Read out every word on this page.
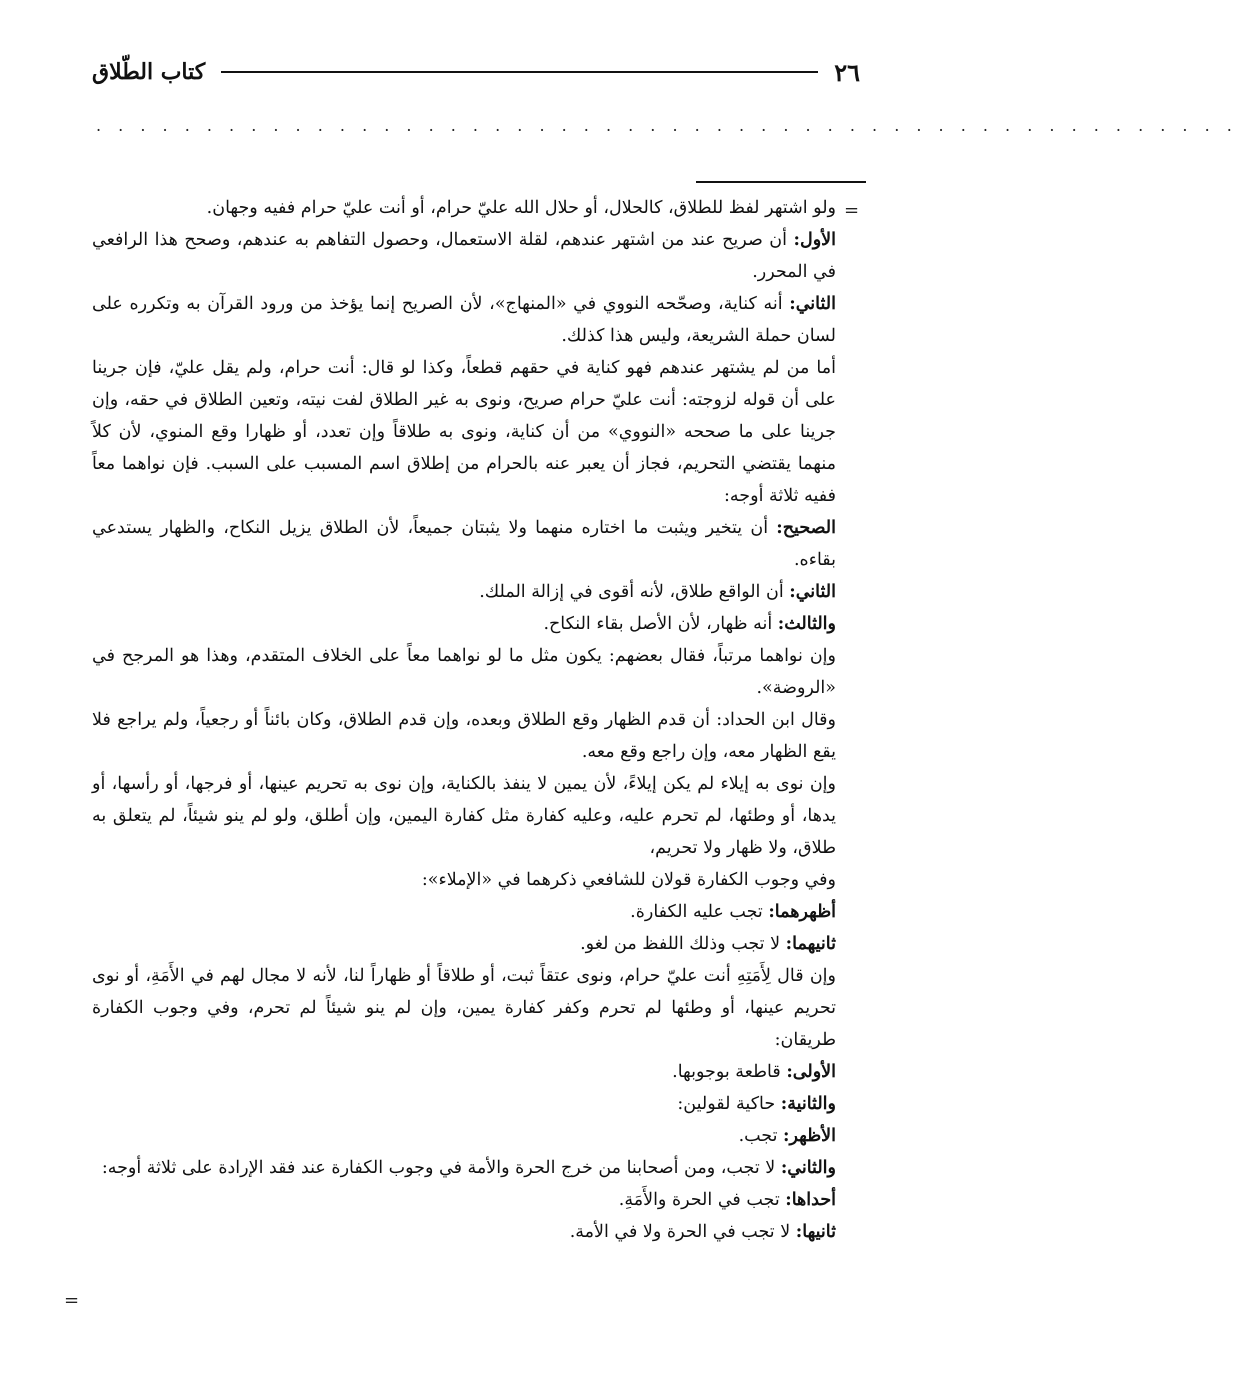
٢٦
كتاب الطّلاق
. . . . . . . . . . . . . . . . . . . . . . . . . . . . . . . . . . . . . . . . . . . . . . . . . . . .
=
=

ولو اشتهر لفظ للطلاق، كالحلال، أو حلال الله عليّ حرام، أو أنت عليّ حرام ففيه وجهان.

الأول: أن صريح عند من اشتهر عندهم، لقلة الاستعمال، وحصول التفاهم به عندهم، وصحح هذا الرافعي في المحرر.

الثاني: أنه كناية، وصحّحه النووي في «المنهاج»، لأن الصريح إنما يؤخذ من ورود القرآن به وتكرره على لسان حملة الشريعة، وليس هذا كذلك.

أما من لم يشتهر عندهم فهو كناية في حقهم قطعاً، وكذا لو قال: أنت حرام، ولم يقل عليّ، فإن جرينا على أن قوله لزوجته: أنت عليّ حرام صريح، ونوى به غير الطلاق لفت نيته، وتعين الطلاق في حقه، وإن جرينا على ما صححه «النووي» من أن كناية، ونوى به طلاقاً وإن تعدد، أو ظهارا وقع المنوي، لأن كلاً منهما يقتضي التحريم، فجاز أن يعبر عنه بالحرام من إطلاق اسم المسبب على السبب. فإن نواهما معاً ففيه ثلاثة أوجه:

الصحيح: أن يتخير ويثبت ما اختاره منهما ولا يثبتان جميعاً، لأن الطلاق يزيل النكاح، والظهار يستدعي بقاءه.

الثاني: أن الواقع طلاق، لأنه أقوى في إزالة الملك.

والثالث: أنه ظهار، لأن الأصل بقاء النكاح.

وإن نواهما مرتباً، فقال بعضهم: يكون مثل ما لو نواهما معاً على الخلاف المتقدم، وهذا هو المرجح في «الروضة».

وقال ابن الحداد: أن قدم الظهار وقع الطلاق وبعده، وإن قدم الطلاق، وكان بائناً أو رجعياً، ولم يراجع فلا يقع الظهار معه، وإن راجع وقع معه.

وإن نوى به إيلاء لم يكن إيلاءً، لأن يمين لا ينفذ بالكناية، وإن نوى به تحريم عينها، أو فرجها، أو رأسها، أو يدها، أو وطئها، لم تحرم عليه، وعليه كفارة مثل كفارة اليمين، وإن أطلق، ولو لم ينو شيئاً، لم يتعلق به طلاق، ولا ظهار ولا تحريم،

وفي وجوب الكفارة قولان للشافعي ذكرهما في «الإملاء»:

أظهرهما: تجب عليه الكفارة.

ثانيهما: لا تجب وذلك اللفظ من لغو.

وإن قال لِأَمَتِهِ أنت عليّ حرام، ونوى عتقاً ثبت، أو طلاقاً أو ظهاراً لنا، لأنه لا مجال لهم في الأَمَةِ، أو نوى تحريم عينها، أو وطئها لم تحرم وكفر كفارة يمين، وإن لم ينو شيئاً لم تحرم، وفي وجوب الكفارة طريقان:

الأولى: قاطعة بوجوبها.

والثانية: حاكية لقولين:

الأظهر: تجب.

والثاني: لا تجب، ومن أصحابنا من خرج الحرة والأمة في وجوب الكفارة عند فقد الإرادة على ثلاثة أوجه:

أحداها: تجب في الحرة والأَمَةِ.

ثانيها: لا تجب في الحرة ولا في الأمة.
